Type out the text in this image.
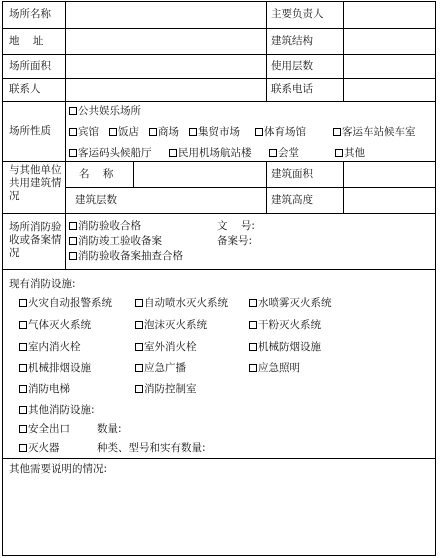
场所名称	主要负责人
地    址	建筑结构
场所面积	使用层数
联系人	联系电话
场所性质
公共娱乐场所
宾馆	饭店	商场	集贸市场	体育场馆	客运车站候车室
客运码头候船厅	民用机场航站楼	会堂	其他
与其他单位共用建筑情况
名    称	建筑面积
建筑层数	建筑高度
场所消防验收或备案情况
消防验收合格
消防竣工验收备案
消防验收备案抽查合格
文    号:
备案号:
现有消防设施:
火灾自动报警系统	自动喷水灭火系统	水喷雾灭火系统
气体灭火系统	泡沫灭火系统	干粉灭火系统
室内消火栓	室外消火栓	机械防烟设施
机械排烟设施	应急广播	应急照明
消防电梯	消防控制室
其他消防设施:
安全出口	数量:
灭火器	种类、型号和实有数量:
其他需要说明的情况:
